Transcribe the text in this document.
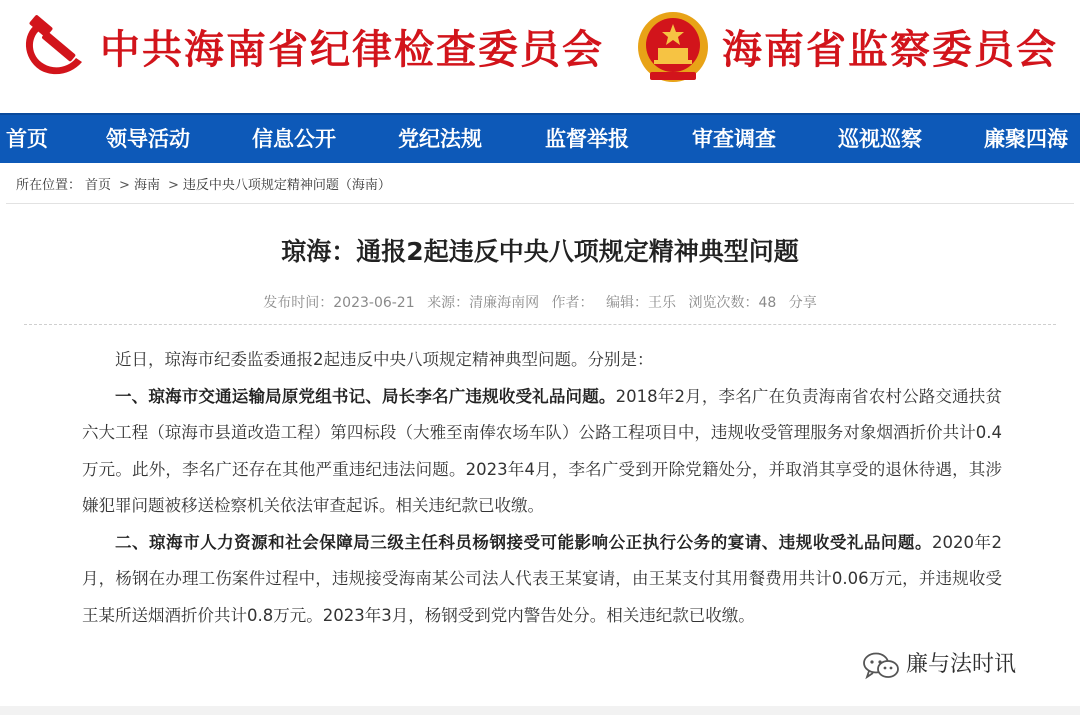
中共海南省纪律检查委员会	海南省监察委员会
首页	领导活动	信息公开	党纪法规	监督举报	审查调查	巡视巡察	廉聚四海
所在位置： 首页 > 海南 > 违反中央八项规定精神问题（海南）
琼海：通报2起违反中央八项规定精神典型问题
发布时间：2023-06-21 来源：清廉海南网 作者： 编辑：王乐 浏览次数：48 分享

近日，琼海市纪委监委通报2起违反中央八项规定精神典型问题。分别是：

一、琼海市交通运输局原党组书记、局长李名广违规收受礼品问题。2018年2月，李名广在负责海南省农村公路交通扶贫六大工程（琼海市县道改造工程）第四标段（大雅至南俸农场车队）公路工程项目中，违规收受管理服务对象烟酒折价共计0.4万元。此外，李名广还存在其他严重违纪违法问题。2023年4月，李名广受到开除党籍处分，并取消其享受的退休待遇，其涉嫌犯罪问题被移送检察机关依法审查起诉。相关违纪款已收缴。

二、琼海市人力资源和社会保障局三级主任科员杨钢接受可能影响公正执行公务的宴请、违规收受礼品问题。2020年2月，杨钢在办理工伤案件过程中，违规接受海南某公司法人代表王某宴请，由王某支付其用餐费用共计0.06万元，并违规收受王某所送烟酒折价共计0.8万元。2023年3月，杨钢受到党内警告处分。相关违纪款已收缴。

廉与法时讯
